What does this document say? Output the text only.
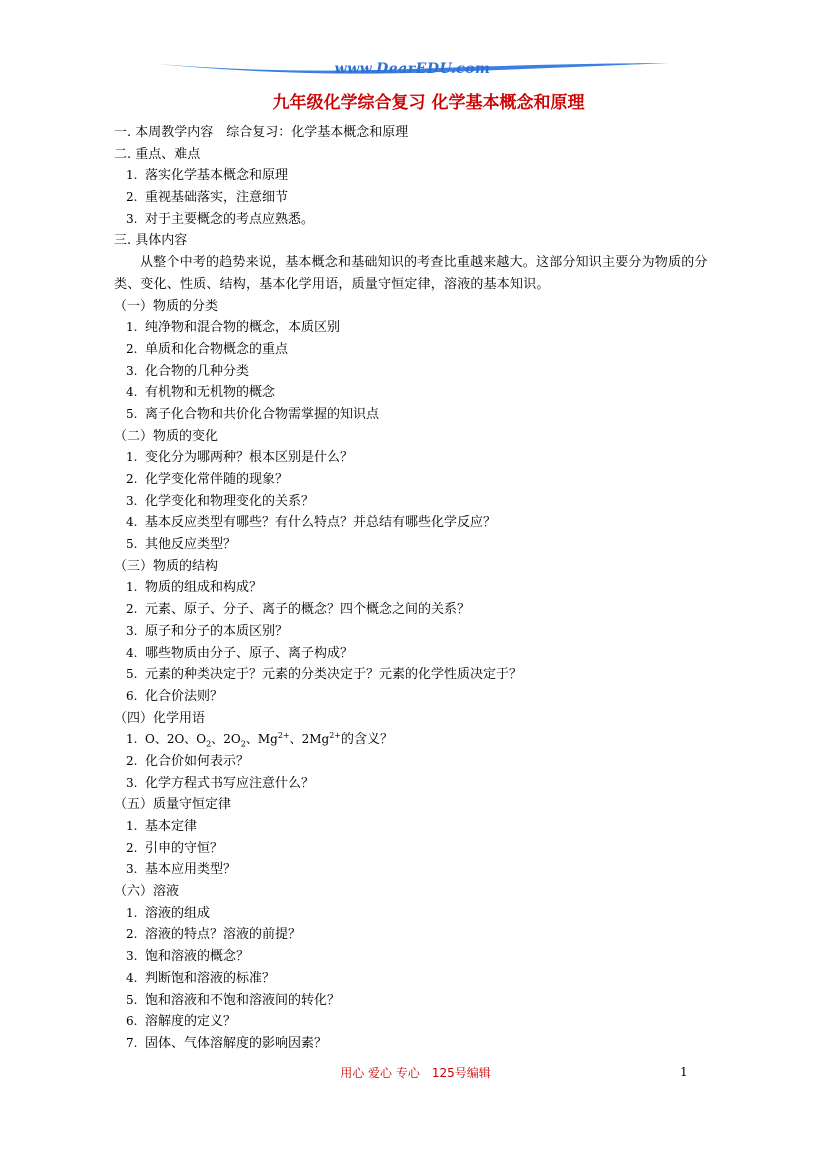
www.DearEDU.com
九年级化学综合复习 化学基本概念和原理
一. 本周教学内容　综合复习：化学基本概念和原理
二. 重点、难点
1. 落实化学基本概念和原理
2. 重视基础落实，注意细节
3. 对于主要概念的考点应熟悉。
三. 具体内容

从整个中考的趋势来说，基本概念和基础知识的考查比重越来越大。这部分知识主要分为物质的分类、变化、性质、结构，基本化学用语，质量守恒定律，溶液的基本知识。

（一）物质的分类
1. 纯净物和混合物的概念，本质区别
2. 单质和化合物概念的重点
3. 化合物的几种分类
4. 有机物和无机物的概念
5. 离子化合物和共价化合物需掌握的知识点
（二）物质的变化
1. 变化分为哪两种？根本区别是什么？
2. 化学变化常伴随的现象？
3. 化学变化和物理变化的关系？
4. 基本反应类型有哪些？有什么特点？并总结有哪些化学反应？
5. 其他反应类型？
（三）物质的结构
1. 物质的组成和构成？
2. 元素、原子、分子、离子的概念？四个概念之间的关系？
3. 原子和分子的本质区别？
4. 哪些物质由分子、原子、离子构成？
5. 元素的种类决定于？元素的分类决定于？元素的化学性质决定于？
6. 化合价法则？
（四）化学用语
1. O、2O、$O_2$、$2O_2$、$Mg^{2+}$、$2Mg^{2+}$的含义？
2. 化合价如何表示？
3. 化学方程式书写应注意什么？
（五）质量守恒定律
1. 基本定律
2. 引申的守恒？
3. 基本应用类型？
（六）溶液
1. 溶液的组成
2. 溶液的特点？溶液的前提？
3. 饱和溶液的概念？
4. 判断饱和溶液的标准？
5. 饱和溶液和不饱和溶液间的转化？
6. 溶解度的定义？
7. 固体、气体溶解度的影响因素？
用心 爱心 专心　125号编辑	1
